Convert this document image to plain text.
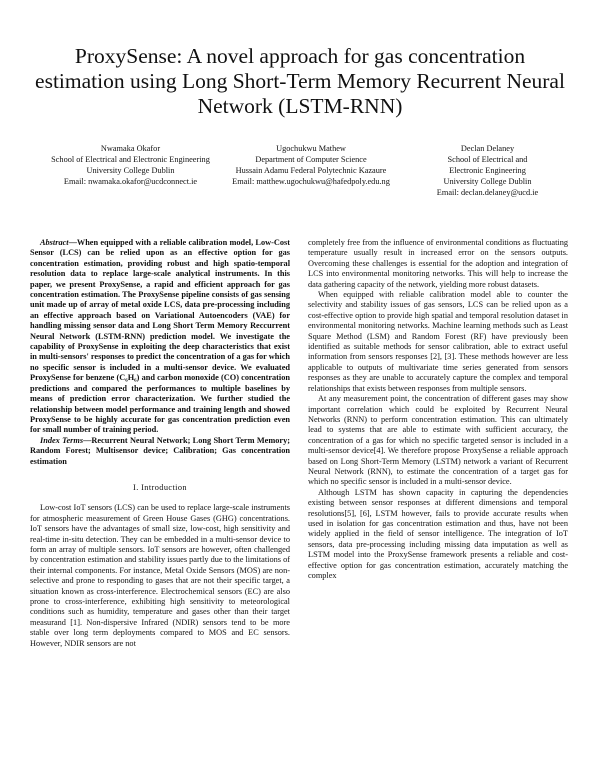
ProxySense: A novel approach for gas concentration estimation using Long Short-Term Memory Recurrent Neural Network (LSTM-RNN)
Nwamaka Okafor
School of Electrical and Electronic Engineering
University College Dublin
Email: nwamaka.okafor@ucdconnect.ie
Ugochukwu Mathew
Department of Computer Science
Hussain Adamu Federal Polytechnic Kazaure
Email: matthew.ugochukwu@hafedpoly.edu.ng
Declan Delaney
School of Electrical and
Electronic Engineering
University College Dublin
Email: declan.delaney@ucd.ie

Abstract—When equipped with a reliable calibration model, Low-Cost Sensor (LCS) can be relied upon as an effective option for gas concentration estimation, providing robust and high spatio-temporal resolution data to replace large-scale analytical instruments. In this paper, we present ProxySense, a rapid and efficient approach for gas concentration estimation. The ProxySense pipeline consists of gas sensing unit made up of array of metal oxide LCS, data pre-processing including an effective approach based on Variational Autoencoders (VAE) for handling missing sensor data and Long Short Term Memory Reccurrent Neural Network (LSTM-RNN) prediction model. We investigate the capability of ProxySense in exploiting the deep characteristics that exist in multi-sensors' responses to predict the concentration of a gas for which no specific sensor is included in a multi-sensor device. We evaluated ProxySense for benzene (C₆H₆) and carbon monoxide (CO) concentration predictions and compared the performances to multiple baselines by means of prediction error characterization. We further studied the relationship between model performance and training length and showed ProxySense to be highly accurate for gas concentration prediction even for small number of training period.

Index Terms—Recurrent Neural Network; Long Short Term Memory; Random Forest; Multisensor device; Calibration; Gas concentration estimation

I. Introduction

Low-cost IoT sensors (LCS) can be used to replace large-scale instruments for atmospheric measurement of Green House Gases (GHG) concentrations. IoT sensors have the advantages of small size, low-cost, high sensitivity and real-time in-situ detection. They can be embedded in a multi-sensor device to form an array of multiple sensors. IoT sensors are however, often challenged by concentration estimation and stability issues partly due to the limitations of their internal components. For instance, Metal Oxide Sensors (MOS) are non-selective and prone to responding to gases that are not their specific target, a situation known as cross-interference. Electrochemical sensors (EC) are also prone to cross-interference, exhibiting high sensitivity to meteorological conditions such as humidity, temperature and gases other than their target measurand [1]. Non-dispersive Infrared (NDIR) sensors tend to be more stable over long term deployments compared to MOS and EC sensors. However, NDIR sensors are not

completely free from the influence of environmental conditions as fluctuating temperature usually result in increased error on the sensors outputs. Overcoming these challenges is essential for the adoption and integration of LCS into environmental monitoring networks. This will help to increase the data gathering capacity of the network, yielding more robust datasets.

When equipped with reliable calibration model able to counter the selectivity and stability issues of gas sensors, LCS can be relied upon as a cost-effective option to provide high spatial and temporal resolution dataset in environmental monitoring networks. Machine learning methods such as Least Square Method (LSM) and Random Forest (RF) have previously been identified as suitable methods for sensor calibration, able to extract useful information from sensors responses [2], [3]. These methods however are less applicable to outputs of multivariate time series generated from sensors responses as they are unable to accurately capture the complex and temporal relationships that exists between responses from multiple sensors.

At any measurement point, the concentration of different gases may show important correlation which could be exploited by Recurrent Neural Networks (RNN) to perform concentration estimation. This can ultimately lead to systems that are able to estimate with sufficient accuracy, the concentration of a gas for which no specific targeted sensor is included in a multi-sensor device[4]. We therefore propose ProxySense a reliable approach based on Long Short-Term Memory (LSTM) network a variant of Recurrent Neural Network (RNN), to estimate the concentration of a target gas for which no specific sensor is included in a multi-sensor device.

Although LSTM has shown capacity in capturing the dependencies existing between sensor responses at different dimensions and temporal resolutions[5], [6], LSTM however, fails to provide accurate results when used in isolation for gas concentration estimation and thus, have not been widely applied in the field of sensor intelligence. The integration of IoT sensors, data pre-processing including missing data imputation as well as LSTM model into the ProxySense framework presents a reliable and cost-effective option for gas concentration estimation, accurately matching the complex
